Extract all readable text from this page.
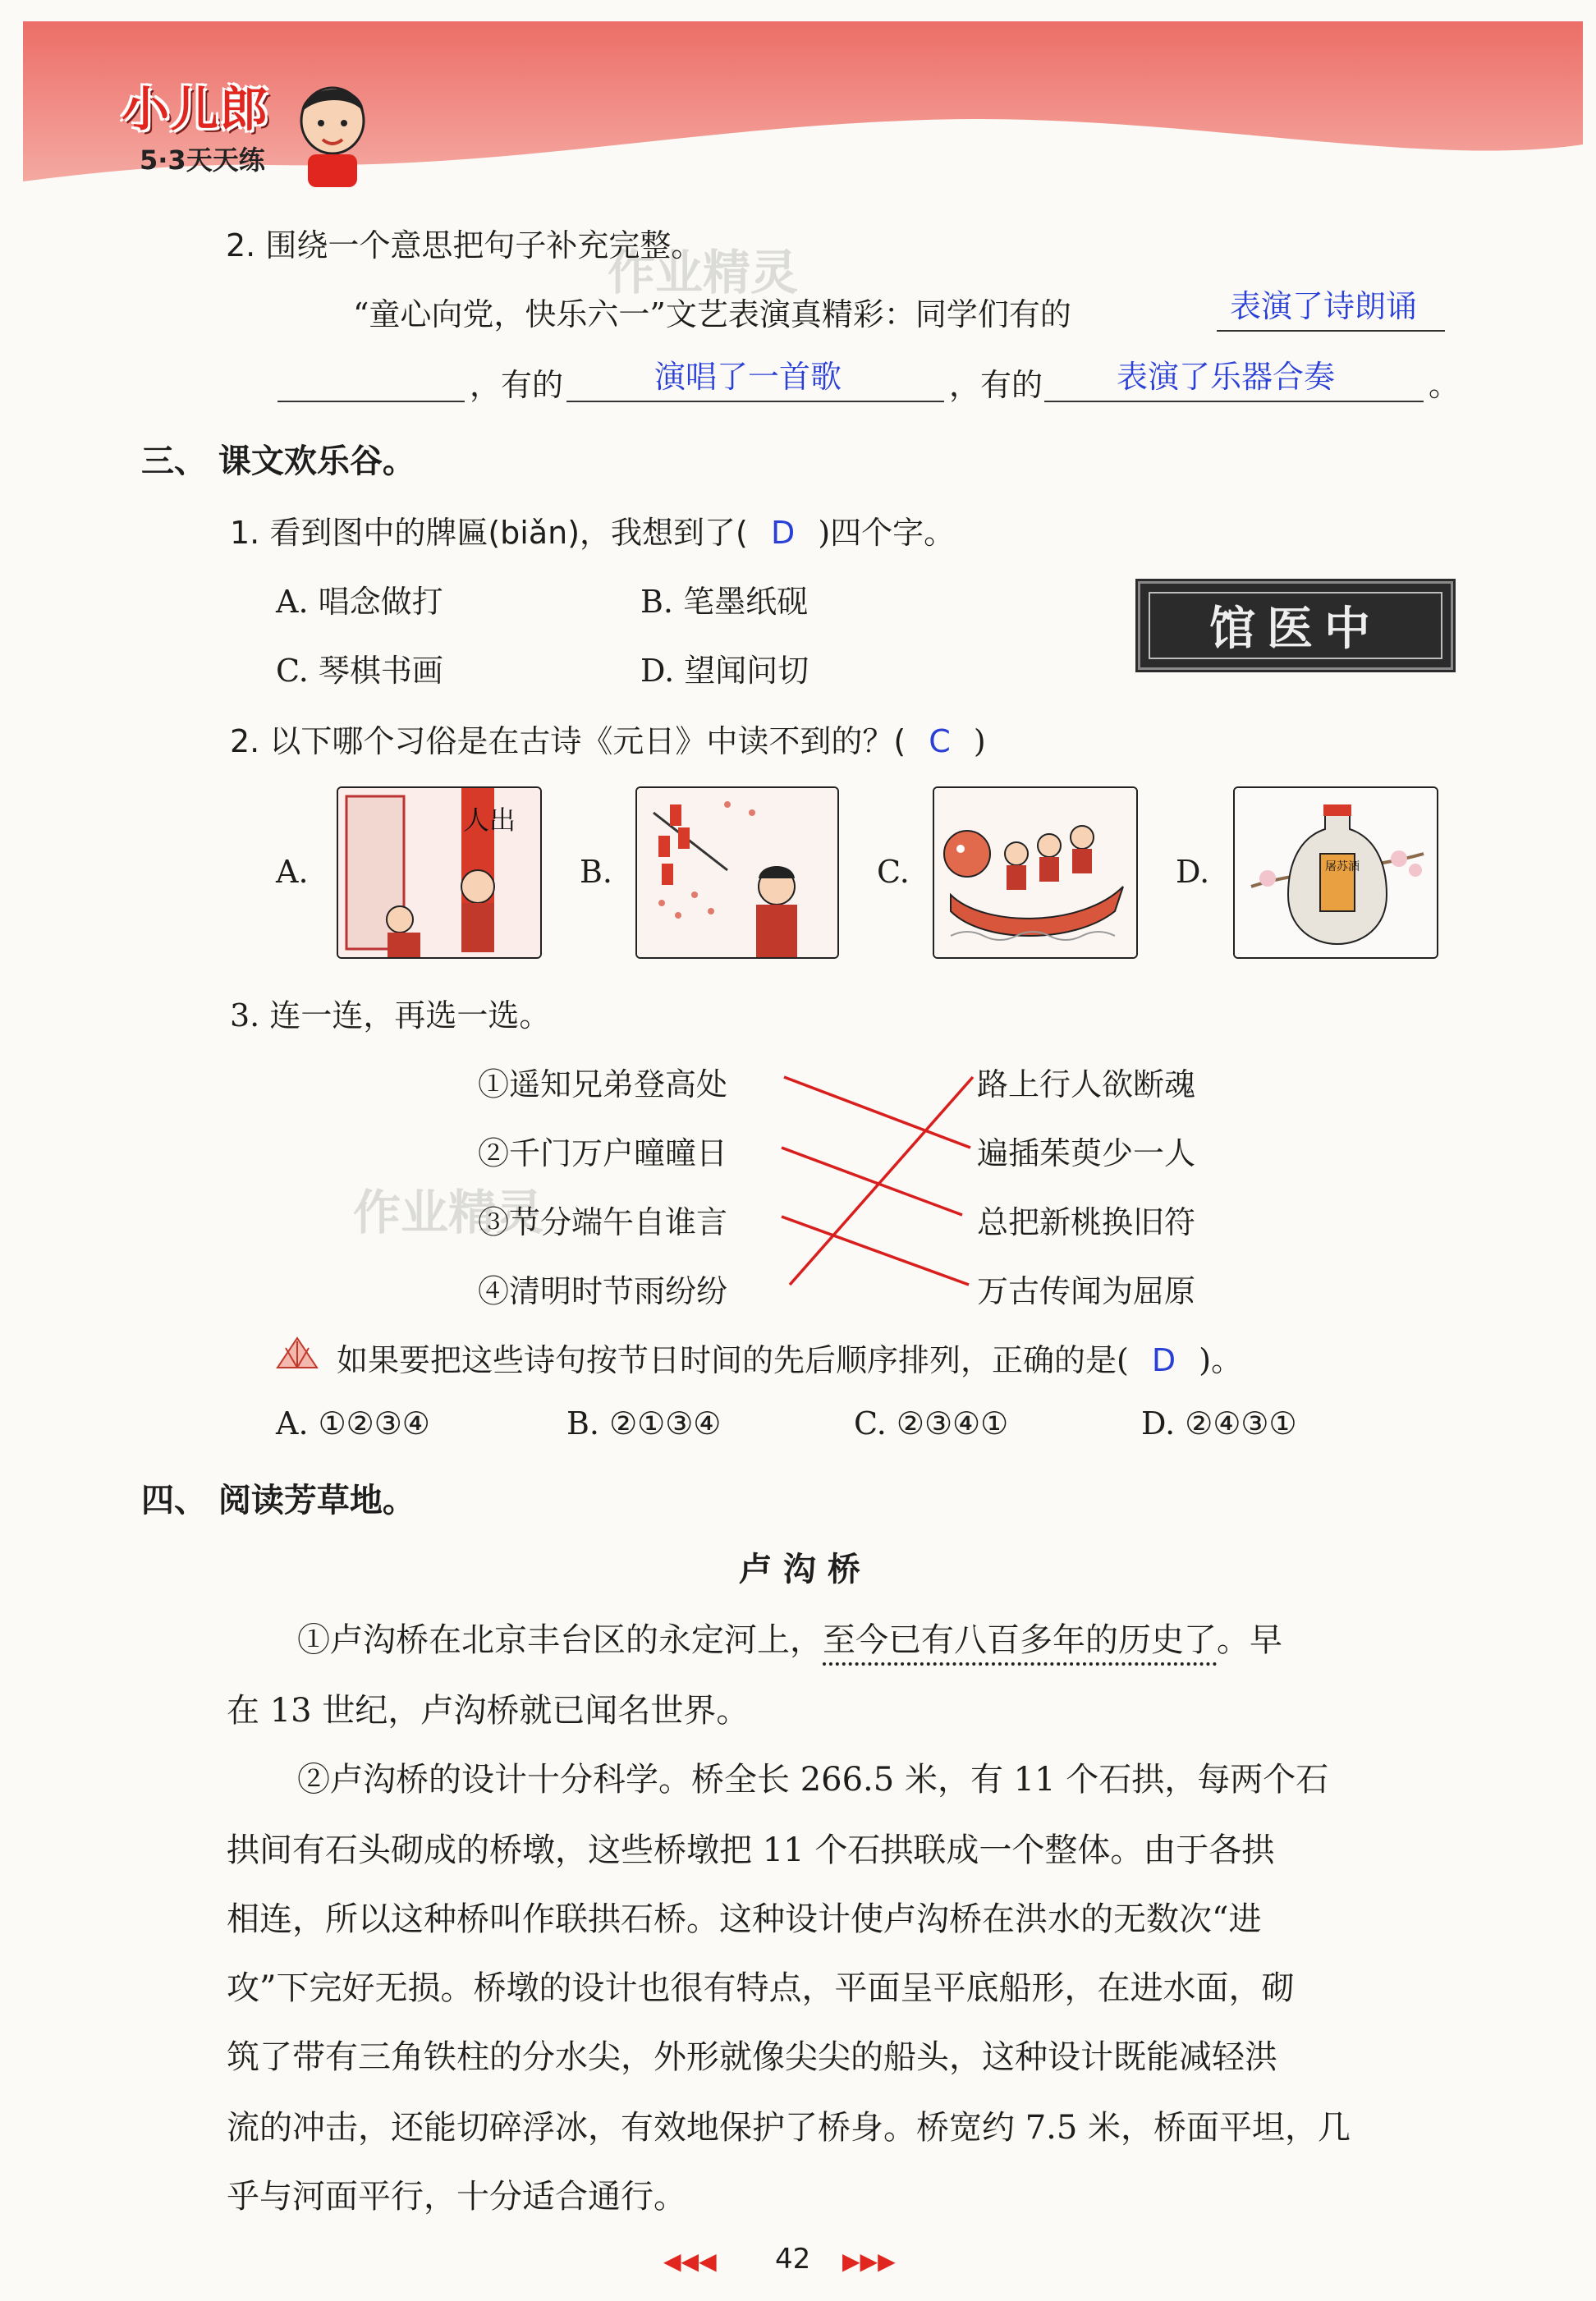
小儿郎
5·3天天练
作业精灵
作业精灵
2. 围绕一个意思把句子补充完整。
“童心向党，快乐六一”文艺表演真精彩：同学们有的	表演了诗朗诵
，有的	演唱了一首歌	，有的 表演了乐器合奏	。
三、 课文欢乐谷。
1. 看到图中的牌匾(biǎn)，我想到了( D )四个字。
A. 唱念做打	B. 笔墨纸砚
C. 琴棋书画	D. 望闻问切
馆医中
2. 以下哪个习俗是在古诗《元日》中读不到的？( C )
A.
人出
B.	C.	D.	屠苏酒
3. 连一连，再选一选。
①遥知兄弟登高处
②千门万户曈曈日
③节分端午自谁言
④清明时节雨纷纷
路上行人欲断魂
遍插茱萸少一人
总把新桃换旧符
万古传闻为屈原
如果要把这些诗句按节日时间的先后顺序排列，正确的是( D )。
A. ①②③④	B. ②①③④	C. ②③④①	D. ②④③①
四、 阅读芳草地。
卢 沟 桥
①卢沟桥在北京丰台区的永定河上，至今已有八百多年的历史了。早
在 13 世纪，卢沟桥就已闻名世界。
②卢沟桥的设计十分科学。桥全长 266.5 米，有 11 个石拱，每两个石
拱间有石头砌成的桥墩，这些桥墩把 11 个石拱联成一个整体。由于各拱
相连，所以这种桥叫作联拱石桥。这种设计使卢沟桥在洪水的无数次“进
攻”下完好无损。桥墩的设计也很有特点，平面呈平底船形，在进水面，砌
筑了带有三角铁柱的分水尖，外形就像尖尖的船头，这种设计既能减轻洪
流的冲击，还能切碎浮冰，有效地保护了桥身。桥宽约 7.5 米，桥面平坦，几
乎与河面平行，十分适合通行。
◀◀◀ 42 ▶▶▶
